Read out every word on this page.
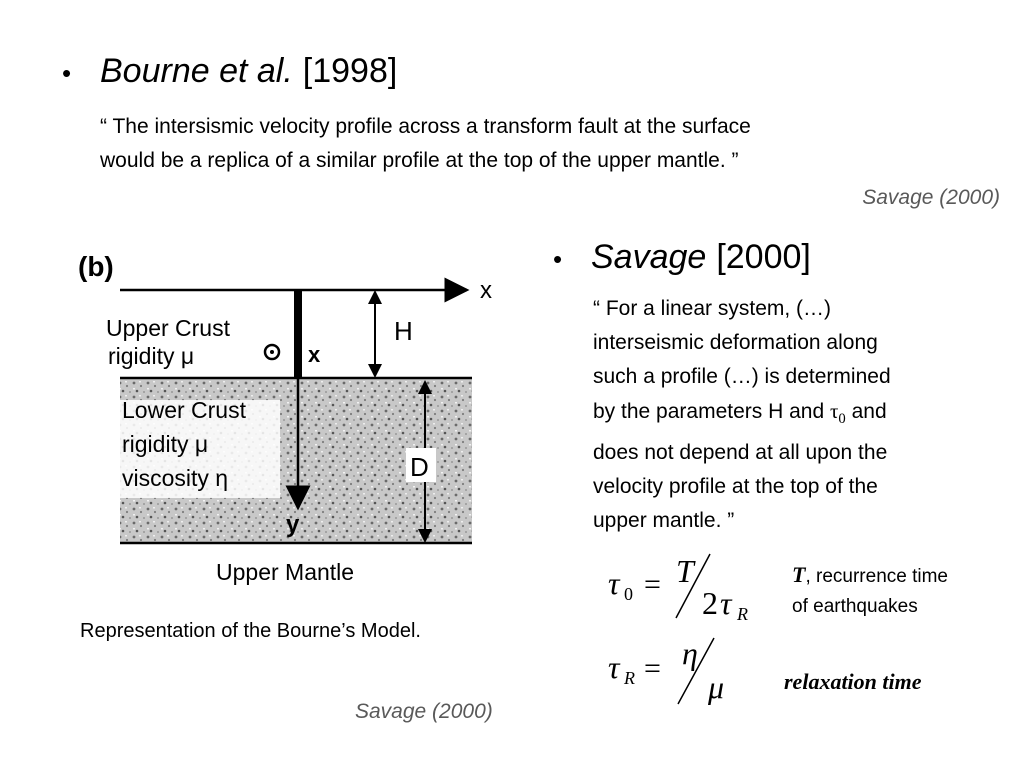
• Bourne et al. [1998]
“ The intersismic velocity profile across a transform fault at the surface
would be a replica of a similar profile at the top of the upper mantle. ”
Savage (2000)
(b)
x
y
x
H
D
Upper Crust
rigidity μ
Lower Crust
rigidity μ
viscosity η
Upper Mantle
Representation of the Bourne’s Model.
Savage (2000)
• Savage [2000]
“ For a linear system, (…)
interseismic deformation along
such a profile (…) is determined
by the parameters H and $\tau_0$ and
does not depend at all upon the
velocity profile at the top of the
upper mantle. ”
τ 0 = T
2 τ R
τ R = η
μ
T, recurrence time
of earthquakes
relaxation time
